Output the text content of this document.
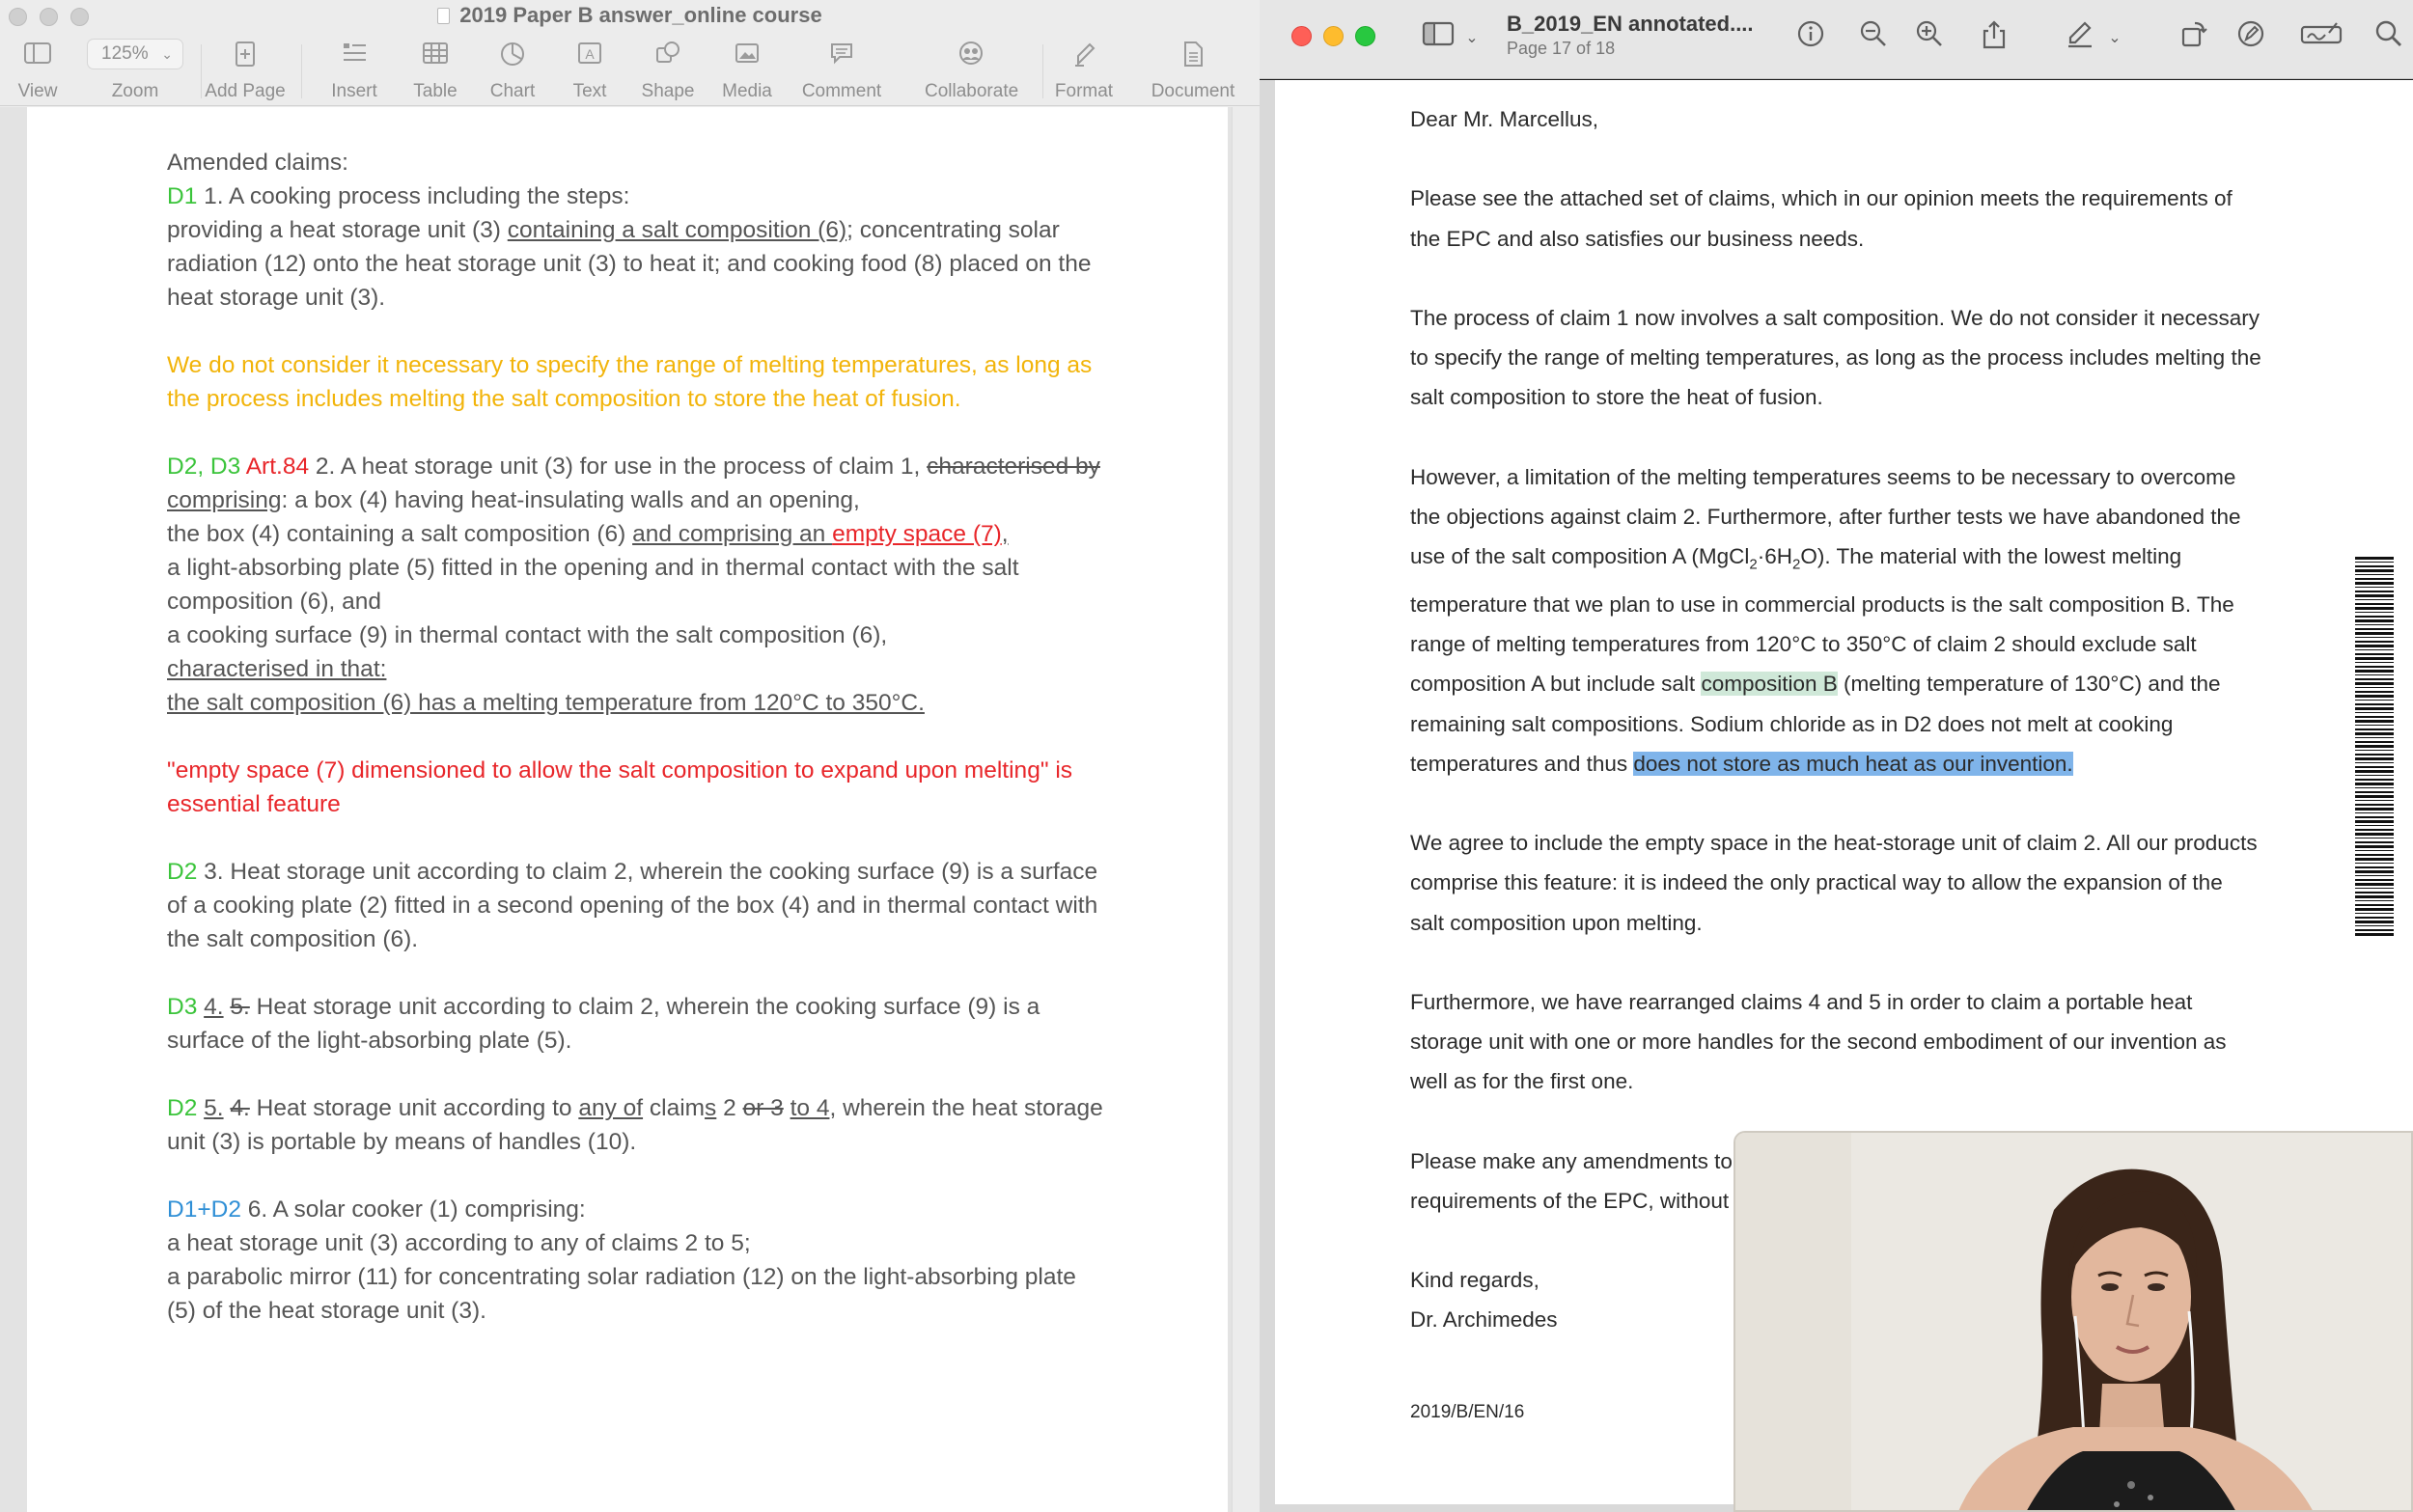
2019 Paper B answer_online course
View
125% ⌄
Zoom	Add Page	Insert	Table	Chart
A
Text	Shape	Media	Comment Collaborate	Format	Document

Amended claims:

D1 1. A cooking process including the steps:

providing a heat storage unit (3) containing a salt composition (6); concentrating solar

radiation (12) onto the heat storage unit (3) to heat it; and cooking food (8) placed on the

heat storage unit (3).

We do not consider it necessary to specify the range of melting temperatures, as long as

the process includes melting the salt composition to store the heat of fusion.

D2, D3 Art.84 2. A heat storage unit (3) for use in the process of claim 1, characterised by

comprising: a box (4) having heat-insulating walls and an opening,

the box (4) containing a salt composition (6) and comprising an empty space (7),

a light-absorbing plate (5) fitted in the opening and in thermal contact with the salt

composition (6), and

a cooking surface (9) in thermal contact with the salt composition (6),

characterised in that:

the salt composition (6) has a melting temperature from 120°C to 350°C.

"empty space (7) dimensioned to allow the salt composition to expand upon melting" is

essential feature

D2 3. Heat storage unit according to claim 2, wherein the cooking surface (9) is a surface

of a cooking plate (2) fitted in a second opening of the box (4) and in thermal contact with

the salt composition (6).

D3 4. 5. Heat storage unit according to claim 2, wherein the cooking surface (9) is a

surface of the light-absorbing plate (5).

D2 5. 4. Heat storage unit according to any of claims 2 or 3 to 4, wherein the heat storage

unit (3) is portable by means of handles (10).

D1+D2 6. A solar cooker (1) comprising:

a heat storage unit (3) according to any of claims 2 to 5;

a parabolic mirror (11) for concentrating solar radiation (12) on the light-absorbing plate

(5) of the heat storage unit (3).

⌄
B_2019_EN annotated....
Page 17 of 18
⌄

Dear Mr. Marcellus,

Please see the attached set of claims, which in our opinion meets the requirements of

the EPC and also satisfies our business needs.

The process of claim 1 now involves a salt composition. We do not consider it necessary

to specify the range of melting temperatures, as long as the process includes melting the

salt composition to store the heat of fusion.

However, a limitation of the melting temperatures seems to be necessary to overcome

the objections against claim 2. Furthermore, after further tests we have abandoned the

use of the salt composition A $(MgCl_2\cdot 6H_2O)$. The material with the lowest melting

temperature that we plan to use in commercial products is the salt composition B. The

range of melting temperatures from 120°C to 350°C of claim 2 should exclude salt

composition A but include salt composition B (melting temperature of 130°C) and the

remaining salt compositions. Sodium chloride as in D2 does not melt at cooking

temperatures and thus does not store as much heat as our invention.

We agree to include the empty space in the heat-storage unit of claim 2. All our products

comprise this feature: it is indeed the only practical way to allow the expansion of the

salt composition upon melting.

Furthermore, we have rearranged claims 4 and 5 in order to claim a portable heat

storage unit with one or more handles for the second embodiment of our invention as

well as for the first one.

Please make any amendments to

requirements of the EPC, without

Kind regards,

Dr. Archimedes

2019/B/EN/16
